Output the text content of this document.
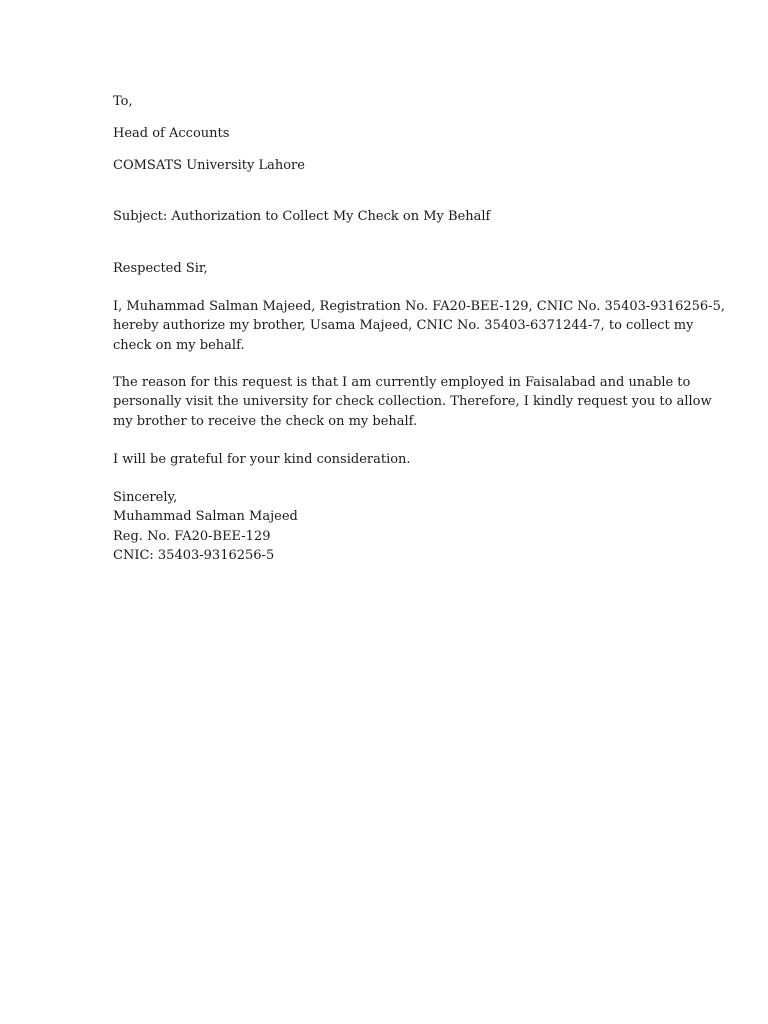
To,
Head of Accounts
COMSATS University Lahore
Subject: Authorization to Collect My Check on My Behalf
Respected Sir,
I, Muhammad Salman Majeed, Registration No. FA20-BEE-129, CNIC No. 35403-9316256-5,
hereby authorize my brother, Usama Majeed, CNIC No. 35403-6371244-7, to collect my
check on my behalf.
The reason for this request is that I am currently employed in Faisalabad and unable to
personally visit the university for check collection. Therefore, I kindly request you to allow
my brother to receive the check on my behalf.
I will be grateful for your kind consideration.
Sincerely,
Muhammad Salman Majeed
Reg. No. FA20-BEE-129
CNIC: 35403-9316256-5
